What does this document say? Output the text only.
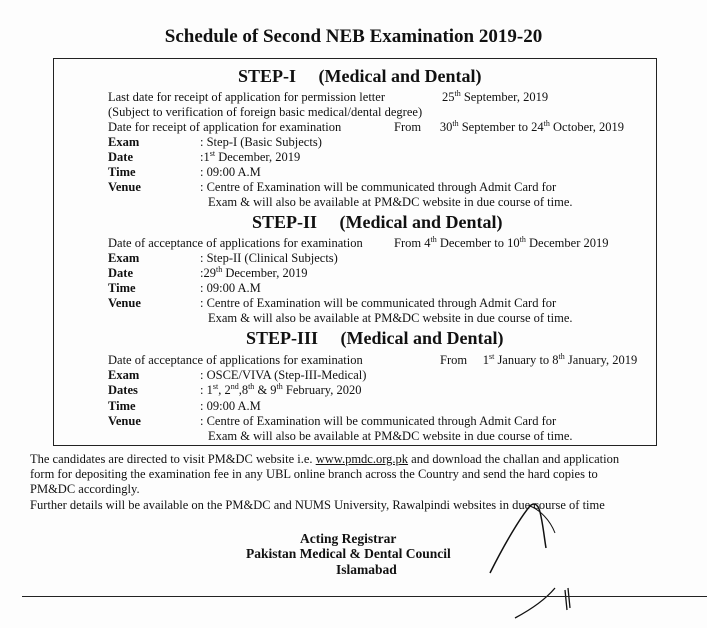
Schedule of Second NEB Examination 2019-20
STEP-I (Medical and Dental)
Last date for receipt of application for permission letter	25th September, 2019
(Subject to verification of foreign basic medical/dental degree)
Date for receipt of application for examination	From 30th September to 24th October, 2019
Exam	: Step-I (Basic Subjects)
Date	:1st December, 2019
Time	: 09:00 A.M
Venue	: Centre of Examination will be communicated through Admit Card for
Exam & will also be available at PM&DC website in due course of time.
STEP-II (Medical and Dental)
Date of acceptance of applications for examination	From 4th December to 10th December 2019
Exam	: Step-II (Clinical Subjects)
Date	:29th December, 2019
Time	: 09:00 A.M
Venue	: Centre of Examination will be communicated through Admit Card for
Exam & will also be available at PM&DC website in due course of time.
STEP-III (Medical and Dental)
Date of acceptance of applications for examination	From 1st January to 8th January, 2019
Exam	: OSCE/VIVA (Step-III-Medical)
Dates	: 1st, 2nd,8th & 9th February, 2020
Time	: 09:00 A.M
Venue	: Centre of Examination will be communicated through Admit Card for
Exam & will also be available at PM&DC website in due course of time.
The candidates are directed to visit PM&DC website i.e. www.pmdc.org.pk and download the challan and application
form for depositing the examination fee in any UBL online branch across the Country and send the hard copies to
PM&DC accordingly.
Further details will be available on the PM&DC and NUMS University, Rawalpindi websites in due course of time
Acting Registrar
Pakistan Medical & Dental Council
Islamabad
